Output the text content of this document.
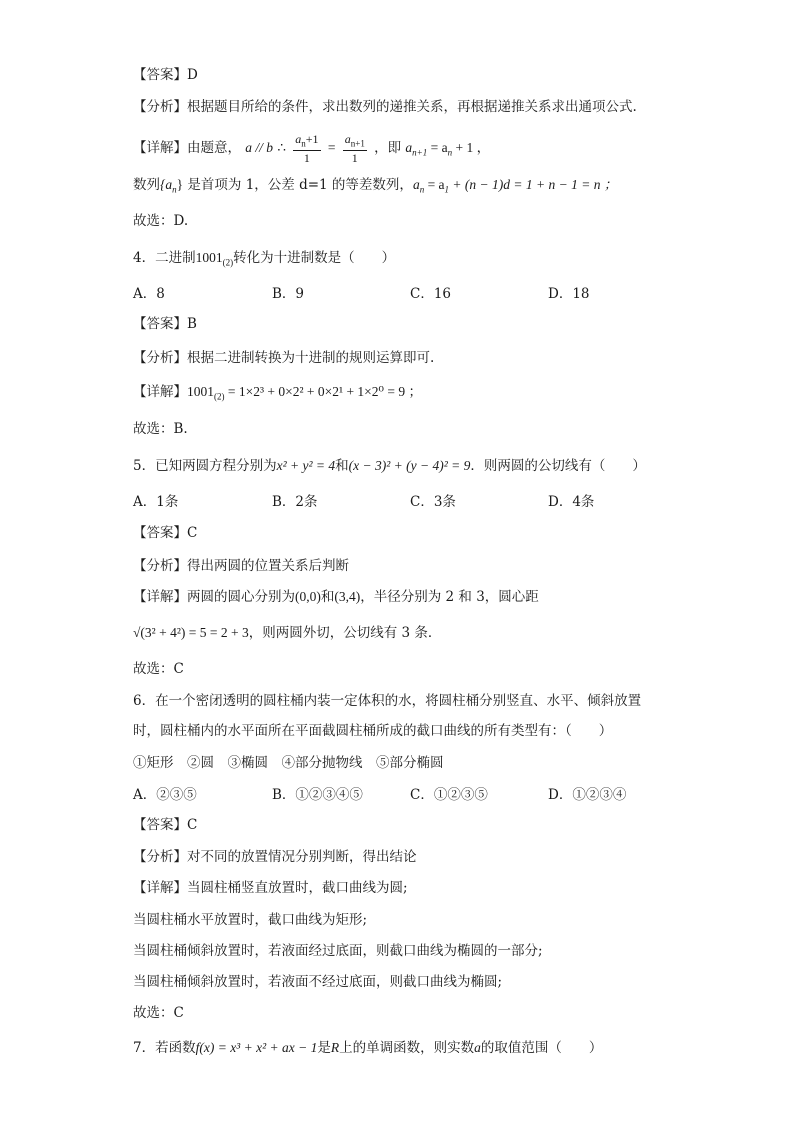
【答案】D
【分析】根据题目所给的条件，求出数列的递推关系，再根据递推关系求出通项公式.
【详解】由题意， a // b ∴ $\frac{a_n+1}{1} = \frac{a_{n+1}}{1}$ ，即 $a_{n+1} = a_n + 1$ ，
数列$\{a_n\}$ 是首项为 1，公差 d=1 的等差数列，$a_n = a_1 + (n - 1)d = 1 + n - 1 = n$ ；
故选：D.
4．二进制$1001_{(2)}$转化为十进制数是（　　）
A．8	B．9	C．16	D．18
【答案】B
【分析】根据二进制转换为十进制的规则运算即可.
【详解】$1001_{(2)} = 1\times 2^3 + 0\times 2^2 + 0\times 2^1 + 1\times 2^0 = 9$ ；
故选：B.
5．已知两圆方程分别为x² + y² = 4和(x − 3)² + (y − 4)² = 9．则两圆的公切线有（　　）
A．1条	B．2条	C．3条	D．4条
【答案】C
【分析】得出两圆的位置关系后判断
【详解】两圆的圆心分别为(0,0)和(3,4)，半径分别为 2 和 3，圆心距
√(3² + 4²) = 5 = 2 + 3，则两圆外切，公切线有 3 条．
故选：C
6．在一个密闭透明的圆柱桶内装一定体积的水，将圆柱桶分别竖直、水平、倾斜放置
时，圆柱桶内的水平面所在平面截圆柱桶所成的截口曲线的所有类型有：（　　）
①矩形　②圆　③椭圆　④部分抛物线　⑤部分椭圆
A．②③⑤	B．①②③④⑤	C．①②③⑤	D．①②③④
【答案】C
【分析】对不同的放置情况分别判断，得出结论
【详解】当圆柱桶竖直放置时，截口曲线为圆;
当圆柱桶水平放置时，截口曲线为矩形;
当圆柱桶倾斜放置时，若液面经过底面，则截口曲线为椭圆的一部分;
当圆柱桶倾斜放置时，若液面不经过底面，则截口曲线为椭圆;
故选：C
7．若函数f(x) = x³ + x² + ax − 1是R上的单调函数，则实数a的取值范围（　　）
